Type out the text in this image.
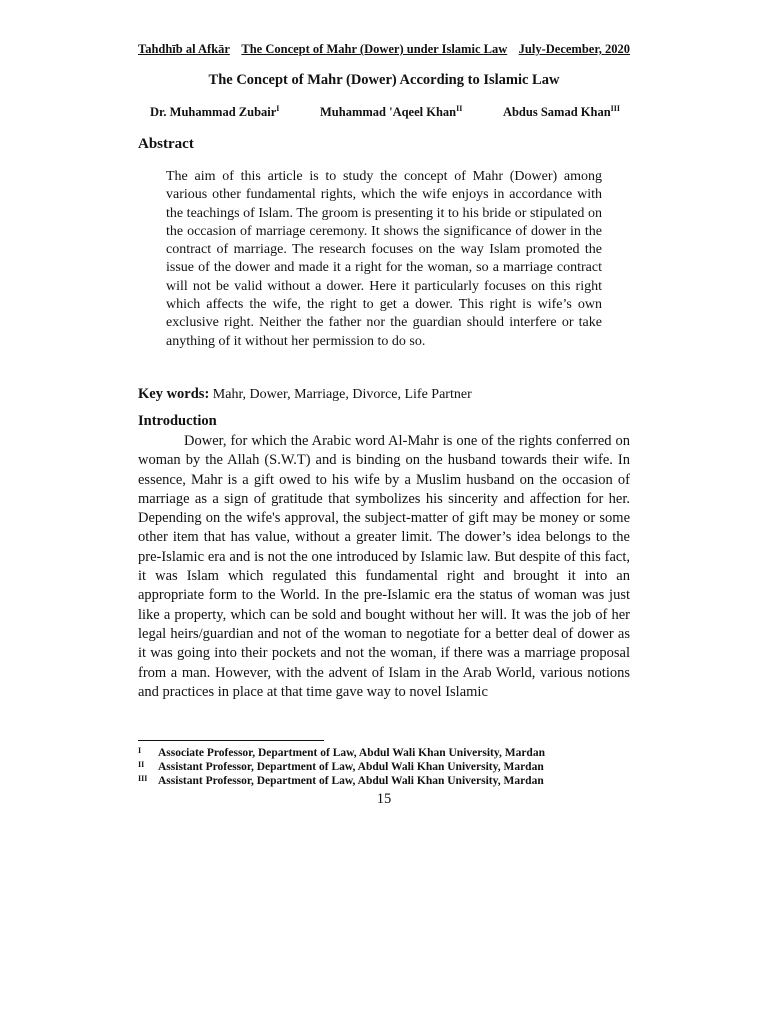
Tahdhīb al Afkār The Concept of Mahr (Dower) under Islamic Law July-December, 2020
The Concept of Mahr (Dower) According to Islamic Law
Dr. Muhammad Zubair$^I$	Muhammad 'Aqeel Khan$^{II}$	Abdus Samad Khan$^{III}$
Abstract

The aim of this article is to study the concept of Mahr (Dower) among various other fundamental rights, which the wife enjoys in accordance with the teachings of Islam. The groom is presenting it to his bride or stipulated on the occasion of marriage ceremony. It shows the significance of dower in the contract of marriage. The research focuses on the way Islam promoted the issue of the dower and made it a right for the woman, so a marriage contract will not be valid without a dower. Here it particularly focuses on this right which affects the wife, the right to get a dower. This right is wife’s own exclusive right. Neither the father nor the guardian should interfere or take anything of it without her permission to do so.

Key words: Mahr, Dower, Marriage, Divorce, Life Partner

Introduction

Dower, for which the Arabic word Al-Mahr is one of the rights conferred on woman by the Allah (S.W.T) and is binding on the husband towards their wife. In essence, Mahr is a gift owed to his wife by a Muslim husband on the occasion of marriage as a sign of gratitude that symbolizes his sincerity and affection for her. Depending on the wife's approval, the subject-matter of gift may be money or some other item that has value, without a greater limit. The dower’s idea belongs to the pre-Islamic era and is not the one introduced by Islamic law. But despite of this fact, it was Islam which regulated this fundamental right and brought it into an appropriate form to the World. In the pre-Islamic era the status of woman was just like a property, which can be sold and bought without her will. It was the job of her legal heirs/guardian and not of the woman to negotiate for a better deal of dower as it was going into their pockets and not the woman, if there was a marriage proposal from a man. However, with the advent of Islam in the Arab World, various notions and practices in place at that time gave way to novel Islamic

I	Associate Professor, Department of Law, Abdul Wali Khan University, Mardan
II	Assistant Professor, Department of Law, Abdul Wali Khan University, Mardan
III Assistant Professor, Department of Law, Abdul Wali Khan University, Mardan
15
